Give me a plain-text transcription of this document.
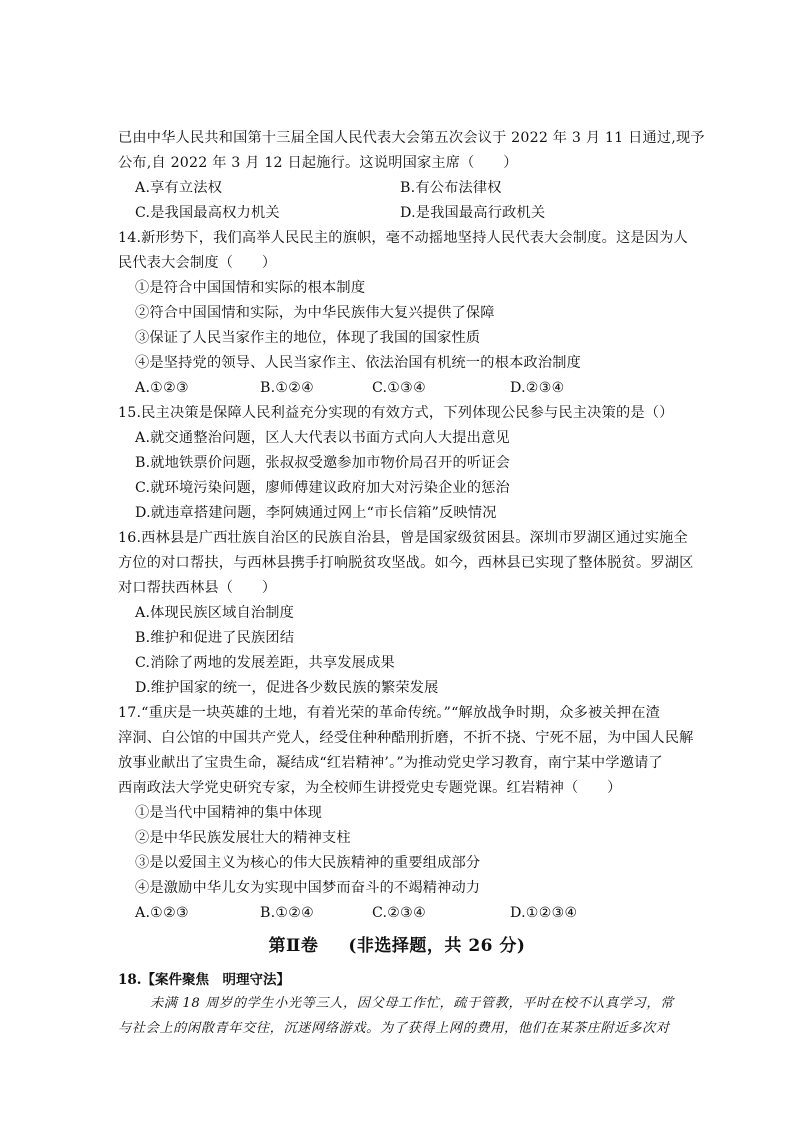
已由中华人民共和国第十三届全国人民代表大会第五次会议于 2022 年 3 月 11 日通过,现予
公布,自 2022 年 3 月 12 日起施行。这说明国家主席（　　）
A.享有立法权	B.有公布法律权
C.是我国最高权力机关	D.是我国最高行政机关
14.新形势下，我们高举人民民主的旗帜，毫不动摇地坚持人民代表大会制度。这是因为人
民代表大会制度（　　）
①是符合中国国情和实际的根本制度
②符合中国国情和实际，为中华民族伟大复兴提供了保障
③保证了人民当家作主的地位，体现了我国的国家性质
④是坚持党的领导、人民当家作主、依法治国有机统一的根本政治制度
A.①②③	B.①②④	C.①③④	D.②③④
15.民主决策是保障人民利益充分实现的有效方式，下列体现公民参与民主决策的是（）
A.就交通整治问题，区人大代表以书面方式向人大提出意见
B.就地铁票价问题，张叔叔受邀参加市物价局召开的听证会
C.就环境污染问题，廖师傅建议政府加大对污染企业的惩治
D.就违章搭建问题，李阿姨通过网上“市长信箱”反映情况
16.西林县是广西壮族自治区的民族自治县，曾是国家级贫困县。深圳市罗湖区通过实施全
方位的对口帮扶，与西林县携手打响脱贫攻坚战。如今，西林县已实现了整体脱贫。罗湖区
对口帮扶西林县（　　）
A.体现民族区域自治制度
B.维护和促进了民族团结
C.消除了两地的发展差距，共享发展成果
D.维护国家的统一，促进各少数民族的繁荣发展
17.“重庆是一块英雄的土地，有着光荣的革命传统。”“解放战争时期，众多被关押在渣
滓洞、白公馆的中国共产党人，经受住种种酷刑折磨，不折不挠、宁死不屈，为中国人民解
放事业献出了宝贵生命，凝结成“红岩精神’。”为推动党史学习教育，南宁某中学邀请了
西南政法大学党史研究专家，为全校师生讲授党史专题党课。红岩精神（　　）
①是当代中国精神的集中体现
②是中华民族发展壮大的精神支柱
③是以爱国主义为核心的伟大民族精神的重要组成部分
④是激励中华儿女为实现中国梦而奋斗的不竭精神动力
A.①②③	B.①②④	C.②③④	D.①②③④
第Ⅱ卷 (非选择题，共 26 分)
18.【案件聚焦　明理守法】
未满 18 周岁的学生小光等三人，因父母工作忙，疏于管教，平时在校不认真学习，常
与社会上的闲散青年交往，沉迷网络游戏。为了获得上网的费用，他们在某茶庄附近多次对
